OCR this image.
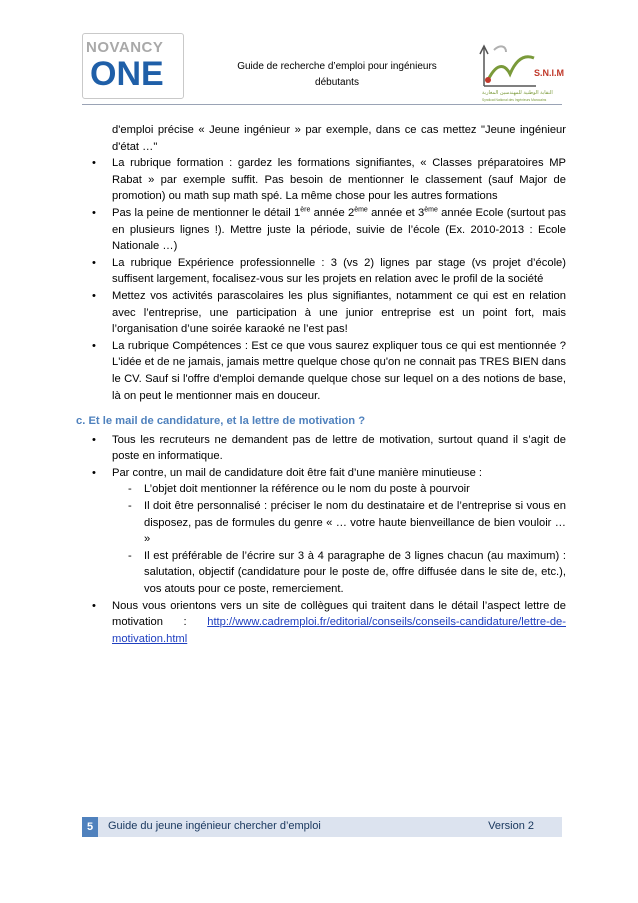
NOVANCY
ONE	Guide de recherche d’emploi pour ingénieurs
débutants
S.N.I.M
النقابة الوطنية للمهندسين المغاربة
Syndicat National des Ingénieurs Marocains

d'emploi précise « Jeune ingénieur » par exemple, dans ce cas mettez "Jeune ingénieur d'état …"

• La rubrique formation : gardez les formations signifiantes, « Classes préparatoires MP Rabat » par exemple suffit. Pas besoin de mentionner le classement (sauf Major de promotion) ou math sup math spé. La même chose pour les autres formations
• Pas la peine de mentionner le détail 1ère année 2ème année et 3ème année Ecole (surtout pas en plusieurs lignes !). Mettre juste la période, suivie de l’école (Ex. 2010-2013 : Ecole Nationale …)
• La rubrique Expérience professionnelle : 3 (vs 2) lignes par stage (vs projet d’école) suffisent largement, focalisez-vous sur les projets en relation avec le profil de la société
• Mettez vos activités parascolaires les plus signifiantes, notamment ce qui est en relation avec l’entreprise, une participation à une junior entreprise est un point fort, mais l’organisation d’une soirée karaoké ne l’est pas!
• La rubrique Compétences : Est ce que vous saurez expliquer tous ce qui est mentionnée ? L'idée et de ne jamais, jamais mettre quelque chose qu'on ne connait pas TRES BIEN dans le CV. Sauf si l'offre d'emploi demande quelque chose sur lequel on a des notions de base, là on peut le mentionner mais en douceur.
c. Et le mail de candidature, et la lettre de motivation ?
• Tous les recruteurs ne demandent pas de lettre de motivation, surtout quand il s’agit de poste en informatique.
• Par contre, un mail de candidature doit être fait d’une manière minutieuse :
- L’objet doit mentionner la référence ou le nom du poste à pourvoir
- Il doit être personnalisé : préciser le nom du destinataire et de l’entreprise si vous en disposez, pas de formules du genre « … votre haute bienveillance de bien vouloir … »
- Il est préférable de l’écrire sur 3 à 4 paragraphe de 3 lignes chacun (au maximum) : salutation, objectif (candidature pour le poste de, offre diffusée dans le site de, etc.), vos atouts pour ce poste, remerciement.
• Nous vous orientons vers un site de collègues qui traitent dans le détail l’aspect lettre de motivation : http://www.cadremploi.fr/editorial/conseils/conseils-candidature/lettre-de-motivation.html
5	Guide du jeune ingénieur chercher d’emploi	Version 2
